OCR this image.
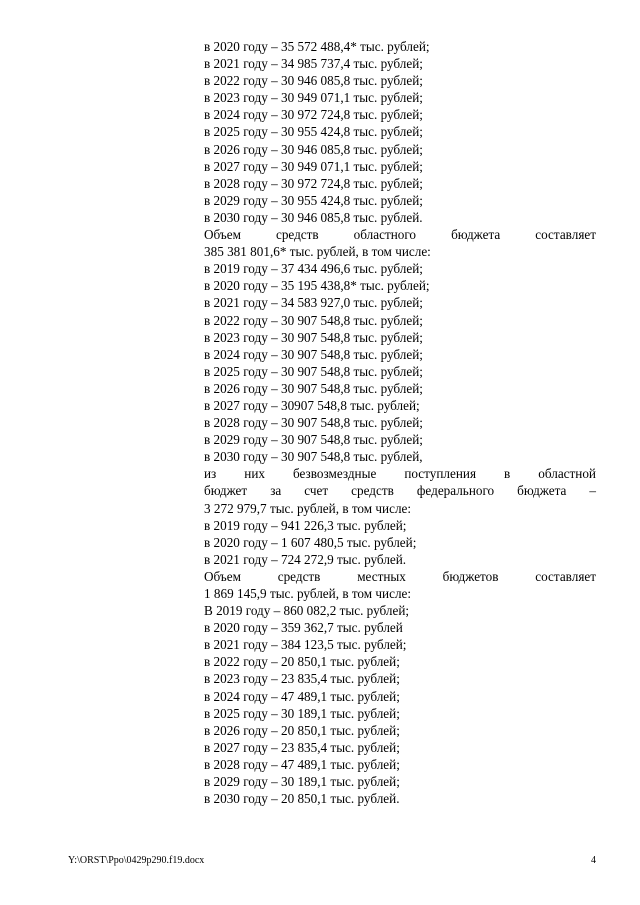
в 2020 году – 35 572 488,4* тыс. рублей;
в 2021 году – 34 985 737,4 тыс. рублей;
в 2022 году – 30 946 085,8 тыс. рублей;
в 2023 году – 30 949 071,1 тыс. рублей;
в 2024 году – 30 972 724,8 тыс. рублей;
в 2025 году – 30 955 424,8 тыс. рублей;
в 2026 году – 30 946 085,8 тыс. рублей;
в 2027 году – 30 949 071,1 тыс. рублей;
в 2028 году – 30 972 724,8 тыс. рублей;
в 2029 году – 30 955 424,8 тыс. рублей;
в 2030 году – 30 946 085,8 тыс. рублей.
Объем средств областного бюджета составляет
385 381 801,6* тыс. рублей, в том числе:
в 2019 году – 37 434 496,6 тыс. рублей;
в 2020 году – 35 195 438,8* тыс. рублей;
в 2021 году – 34 583 927,0 тыс. рублей;
в 2022 году – 30 907 548,8 тыс. рублей;
в 2023 году – 30 907 548,8 тыс. рублей;
в 2024 году – 30 907 548,8 тыс. рублей;
в 2025 году – 30 907 548,8 тыс. рублей;
в 2026 году – 30 907 548,8 тыс. рублей;
в 2027 году – 30907 548,8 тыс. рублей;
в 2028 году – 30 907 548,8 тыс. рублей;
в 2029 году – 30 907 548,8 тыс. рублей;
в 2030 году – 30 907 548,8 тыс. рублей,
из них безвозмездные поступления в областной
бюджет за счет средств федерального бюджета –
3 272 979,7 тыс. рублей, в том числе:
в 2019 году – 941 226,3 тыс. рублей;
в 2020 году – 1 607 480,5 тыс. рублей;
в 2021 году – 724 272,9 тыс. рублей.
Объем средств местных бюджетов составляет
1 869 145,9 тыс. рублей, в том числе:
В 2019 году – 860 082,2 тыс. рублей;
в 2020 году – 359 362,7 тыс. рублей
в 2021 году – 384 123,5 тыс. рублей;
в 2022 году – 20 850,1 тыс. рублей;
в 2023 году – 23 835,4 тыс. рублей;
в 2024 году – 47 489,1 тыс. рублей;
в 2025 году – 30 189,1 тыс. рублей;
в 2026 году – 20 850,1 тыс. рублей;
в 2027 году – 23 835,4 тыс. рублей;
в 2028 году – 47 489,1 тыс. рублей;
в 2029 году – 30 189,1 тыс. рублей;
в 2030 году – 20 850,1 тыс. рублей.
Y:\ORST\Ppo\0429p290.f19.docx	4
